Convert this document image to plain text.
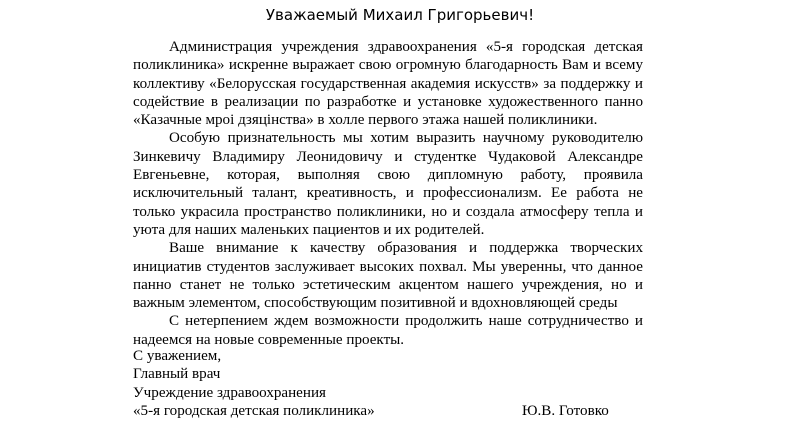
Уважаемый Михаил Григорьевич!

Администрация учреждения здравоохранения «5-я городская детская поликлиника» искренне выражает свою огромную благодарность Вам и всему коллективу «Белорусская государственная академия искусств» за поддержку и содействие в реализации по разработке и установке художественного панно «Казачные мроі дзяцінства» в холле первого этажа нашей поликлиники.

Особую признательность мы хотим выразить научному руководителю Зинкевичу Владимиру Леонидовичу и студентке Чудаковой Александре Евгеньевне, которая, выполняя свою дипломную работу, проявила исключительный талант, креативность, и профессионализм. Ее работа не только украсила пространство поликлиники, но и создала атмосферу тепла и уюта для наших маленьких пациентов и их родителей.

Ваше внимание к качеству образования и поддержка творческих инициатив студентов заслуживает высоких похвал. Мы уверенны, что данное панно станет не только эстетическим акцентом нашего учреждения, но и важным элементом, способствующим позитивной и вдохновляющей среды

С нетерпением ждем возможности продолжить наше сотрудничество и надеемся на новые современные проекты.

С уважением,

Главный врач

Учреждение здравоохранения

«5-я городская детская поликлиника»	Ю.В. Готовко
